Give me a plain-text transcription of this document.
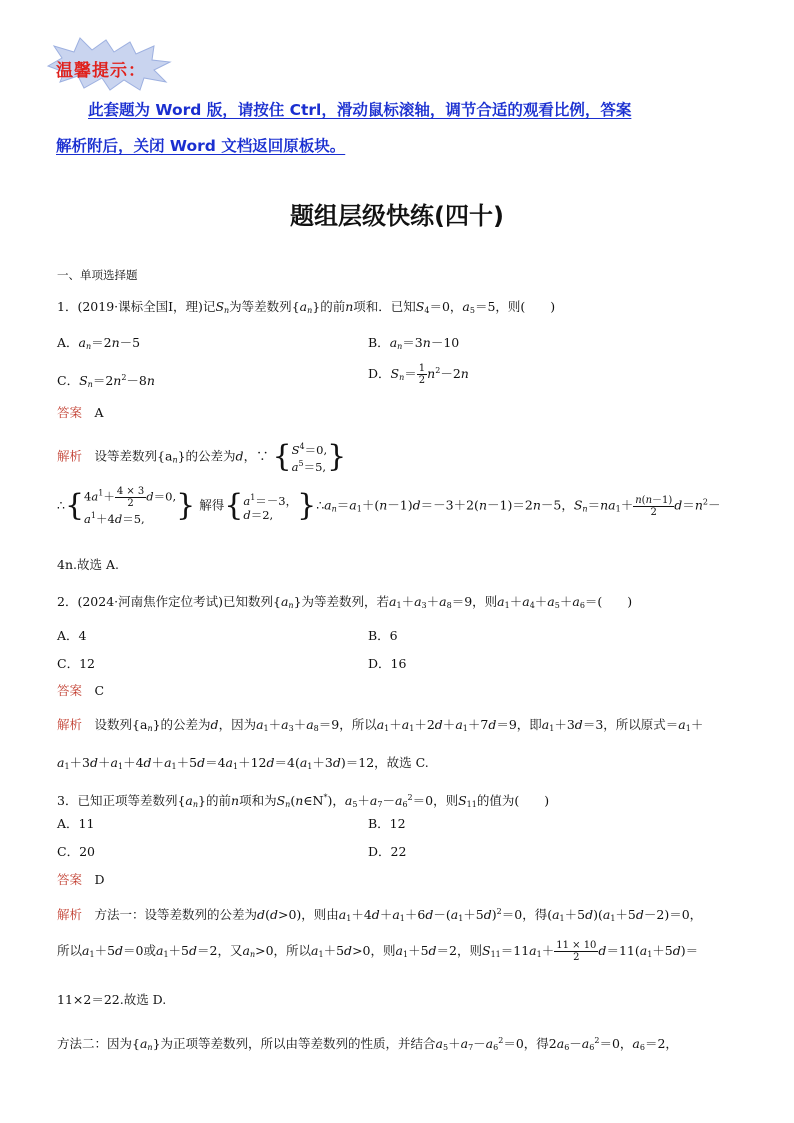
温馨提示：
此套题为 Word 版，请按住 Ctrl，滑动鼠标滚轴，调节合适的观看比例，答案
解析附后，关闭 Word 文档返回原板块。
题组层级快练(四十)
一、单项选择题
1．(2019·课标全国Ⅰ，理)记$S_n$为等差数列$\{a_n\}$的前n项和．已知$S_4=0$，$a_5=5$，则(　　)
A．$a_n=2n-5$	B．$a_n=3n-10$
C．$S_n=2n^2-8n$	D．$S_n= \frac{1}{2} n^2-2n$
答案　 A
解析　 设等差数列$\{a_n\}$的公差为d，∵ {$S^4=0$,
$a^5=5$,}
$\therefore\{4a^1+ \frac{4 \times 3}{2} d=0$,
$a^1+4d=5$, } 解得{$a^1=-3$，
d＝2, }$\therefore a_n=a_1+(n-1)d=-3+2(n-1)=2n-5$，$S_n=na_1+ \frac{n(n-1)}{2} d=n^2-$
4n.故选 A.
2．(2024·河南焦作定位考试)已知数列$\{a_n\}$为等差数列，若$a_1+a_3+a_8=9$，则$a_1+a_4+a_5+a_6=$(　　)
A．4	B．6
C．12	D．16
答案　 C
解析　 设数列$\{a_n\}$的公差为d，因为$a_1+a_3+a_8=9$，所以$a_1+a_1+2d+a_1+7d=9$，即$a_1+3d=3$，所以原式$=a_1+$
$a_1+3d+a_1+4d+a_1+5d=4a_1+12d=4(a_1+3d)=12$，故选 C.
3．已知正项等差数列$\{a_n\}$的前n项和为$S_n(n\in N^*)$，$a_5+a_7-a_6^2=0$，则$S_{11}$的值为(　　)
A．11	B．12
C．20	D．22
答案　 D
解析　 方法一：设等差数列的公差为d(d>0)，则由$a_1+4d+a_1+6d-(a_1+5d)^2=0$，得$(a_1+5d)(a_1+5d-2)=0$，
所以$a_1+5d=0$或$a_1+5d=2$，又$a_n>0$，所以$a_1+5d>0$，则$a_1+5d=2$，则$S_{11}=11a_1+ \frac{11 \times 10}{2} d=11(a_1+5d)=$
11×2＝22.故选 D.
方法二：因为$\{a_n\}$为正项等差数列，所以由等差数列的性质，并结合$a_5+a_7-a_6^2=0$，得$2a_6-a_6^2=0$，$a_6=2$，
